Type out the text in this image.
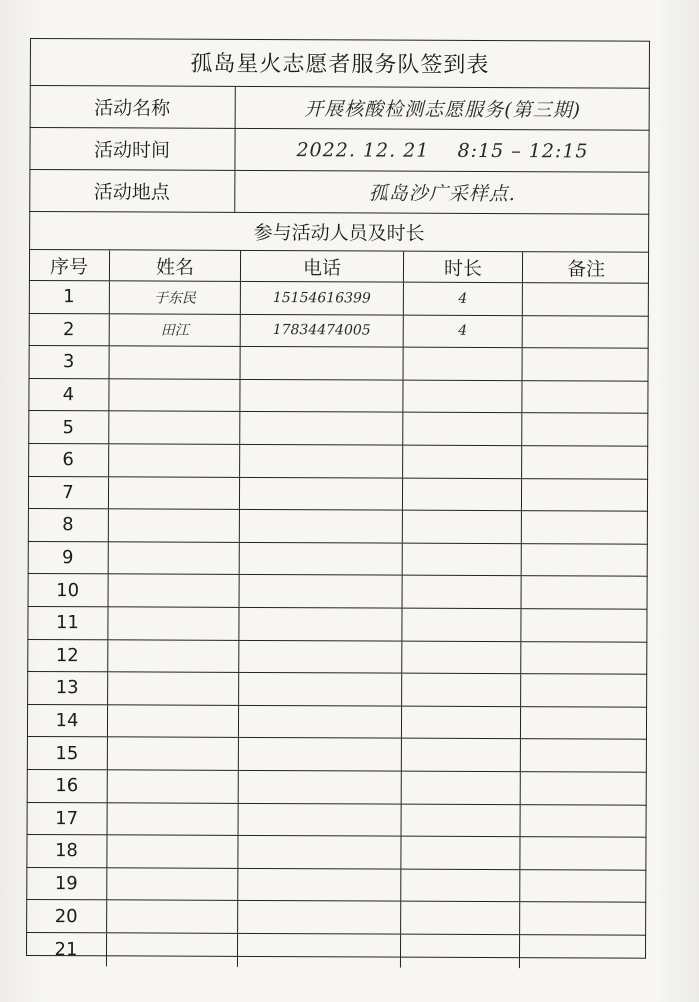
孤岛星火志愿者服务队签到表
活动名称	开展核酸检测志愿服务(第三期)
活动时间	2022. 12. 21    8:15 – 12:15
活动地点	孤岛沙广采样点.
参与活动人员及时长
序号	姓名	电话	时长	备注
1	于东民	15154616399	4
2	田江	17834474005	4
3
4
5
6
7
8
9
10
11
12
13
14
15
16
17
18
19
20
21
